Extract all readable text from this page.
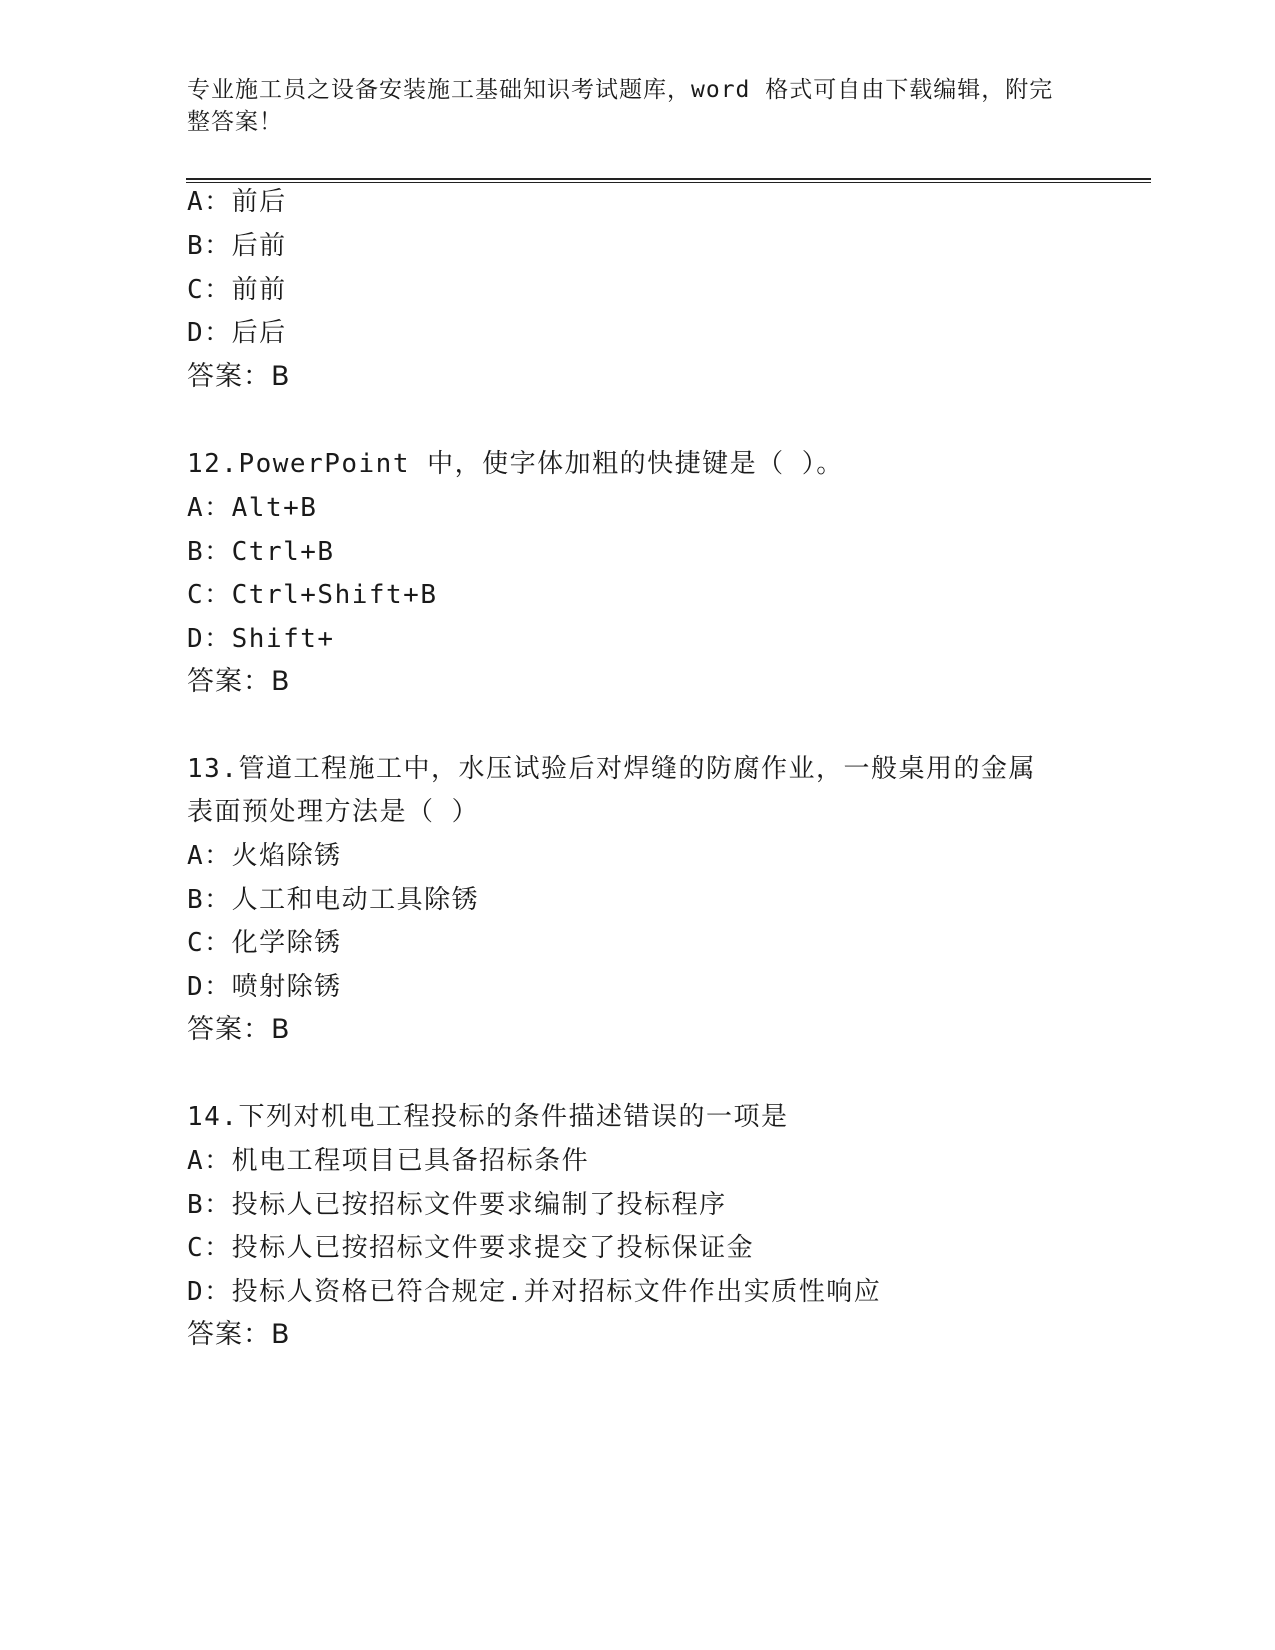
专业施工员之设备安装施工基础知识考试题库，word 格式可自由下载编辑，附完
整答案！
A：前后
B：后前
C：前前
D：后后
答案：B
12.PowerPoint 中，使字体加粗的快捷键是（ ）。
A：Alt+B
B：Ctrl+B
C：Ctrl+Shift+B
D：Shift+
答案：B
13.管道工程施工中，水压试验后对焊缝的防腐作业，一般桌用的金属
表面预处理方法是（ ）
A：火焰除锈
B：人工和电动工具除锈
C：化学除锈
D：喷射除锈
答案：B
14.下列对机电工程投标的条件描述错误的一项是
A：机电工程项目已具备招标条件
B：投标人已按招标文件要求编制了投标程序
C：投标人已按招标文件要求提交了投标保证金
D：投标人资格已符合规定.并对招标文件作出实质性响应
答案：B
